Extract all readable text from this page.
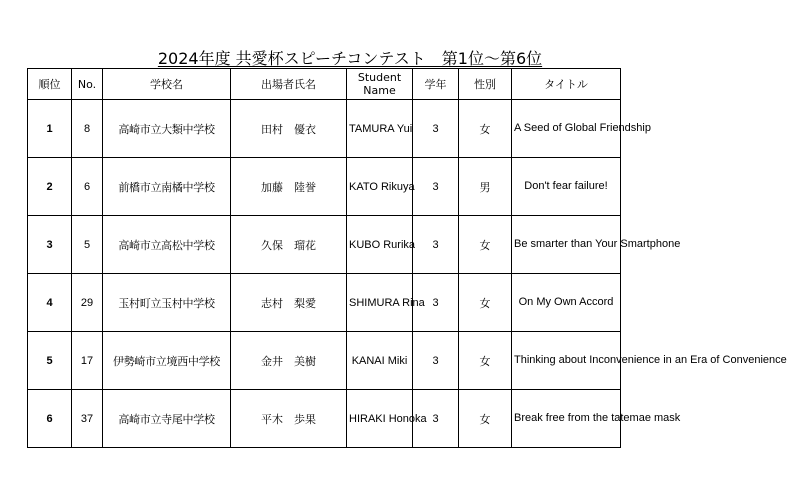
2024年度 共愛杯スピーチコンテスト　第1位～第6位
順位	No.	学校名	出場者氏名	Student Name	学年	性別	タイトル
1	8	高崎市立大類中学校	田村　優衣	TAMURA Yui	3	女	A Seed of Global Friendship
2	6	前橋市立南橘中学校	加藤　陸誉	KATO Rikuya	3	男	Don't fear failure!
3	5	高崎市立高松中学校	久保　瑠花	KUBO Rurika	3	女	Be smarter than Your Smartphone
4	29	玉村町立玉村中学校	志村　梨愛	SHIMURA Rina	3	女	On My Own Accord
5	17	伊勢崎市立境西中学校	金井　美樹	KANAI Miki	3	女	Thinking about Inconvenience in an Era of Convenience
6	37	高崎市立寺尾中学校	平木　歩果	HIRAKI Honoka	3	女	Break free from the tatemae mask
